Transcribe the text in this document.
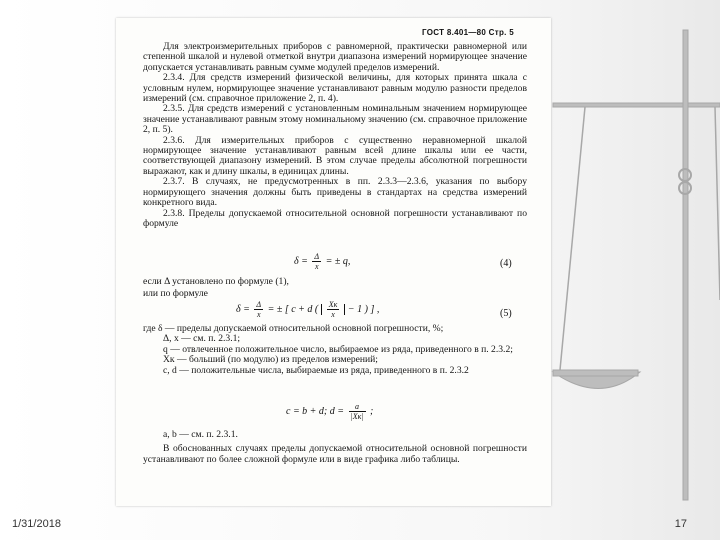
ГОСТ 8.401—80 Стр. 5

Для электроизмерительных приборов с равномерной, практически равномерной или степенной шкалой и нулевой отметкой внутри диапазона измерений нормирующее значение допускается устанавливать равным сумме модулей пределов измерений.

2.3.4. Для средств измерений физической величины, для которых принята шкала с условным нулем, нормирующее значение устанавливают равным модулю разности пределов измерений (см. справочное приложение 2, п. 4).

2.3.5. Для средств измерений с установленным номинальным значением нормирующее значение устанавливают равным этому номинальному значению (см. справочное приложение 2, п. 5).

2.3.6. Для измерительных приборов с существенно неравномерной шкалой нормирующее значение устанавливают равным всей длине шкалы или ее части, соответствующей диапазону измерений. В этом случае пределы абсолютной погрешности выражают, как и длину шкалы, в единицах длины.

2.3.7. В случаях, не предусмотренных в пп. 2.3.3—2.3.6, указания по выбору нормирующего значения должны быть приведены в стандартах на средства измерений конкретного вида.

2.3.8. Пределы допускаемой относительной основной погрешности устанавливают по формуле

$\delta = \frac{\Delta}{x}$ = ± q,	(4)
если Δ установлено по формуле (1),
или по формуле
$\delta = \frac{\Delta}{x}$ = ± [ c + d ( $\frac{Xк}{x} - 1$ ) ] ,	(5)

где δ — пределы допускаемой относительной основной погрешности, %;

Δ, x — см. п. 2.3.1;

q — отвлеченное положительное число, выбираемое из ряда, приведенного в п. 2.3.2;

Xк — больший (по модулю) из пределов измерений;

c, d — положительные числа, выбираемые из ряда, приведенного в п. 2.3.2

c = b + d; $d = \frac{a}{|Xк|}$ ;

a, b — см. п. 2.3.1.

В обоснованных случаях пределы допускаемой относительной основной погрешности устанавливают по более сложной формуле или в виде графика либо таблицы.

1/31/2018	17
